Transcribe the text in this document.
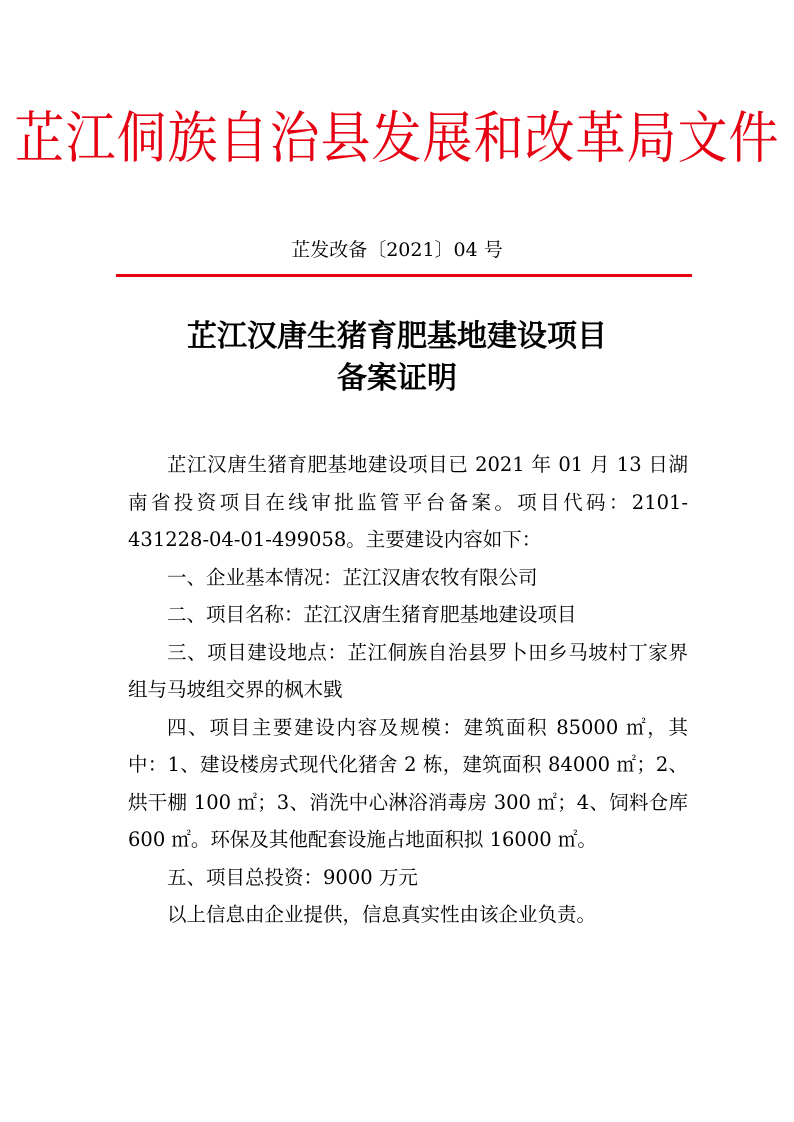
芷江侗族自治县发展和改革局文件
芷发改备〔2021〕04 号
芷江汉唐生猪育肥基地建设项目
备案证明

芷江汉唐生猪育肥基地建设项目已 2021 年 01 月 13 日湖南省投资项目在线审批监管平台备案。项目代码：2101-431228-04-01-499058。主要建设内容如下：

一、企业基本情况：芷江汉唐农牧有限公司

二、项目名称：芷江汉唐生猪育肥基地建设项目

三、项目建设地点：芷江侗族自治县罗卜田乡马坡村丁家界组与马坡组交界的枫木戥

四、项目主要建设内容及规模：建筑面积 85000 ㎡，其中：1、建设楼房式现代化猪舍 2 栋，建筑面积 84000 ㎡；2、烘干棚 100 ㎡；3、消洗中心淋浴消毒房 300 ㎡；4、饲料仓库 600 ㎡。环保及其他配套设施占地面积拟 16000 ㎡。

五、项目总投资：9000 万元

以上信息由企业提供，信息真实性由该企业负责。
